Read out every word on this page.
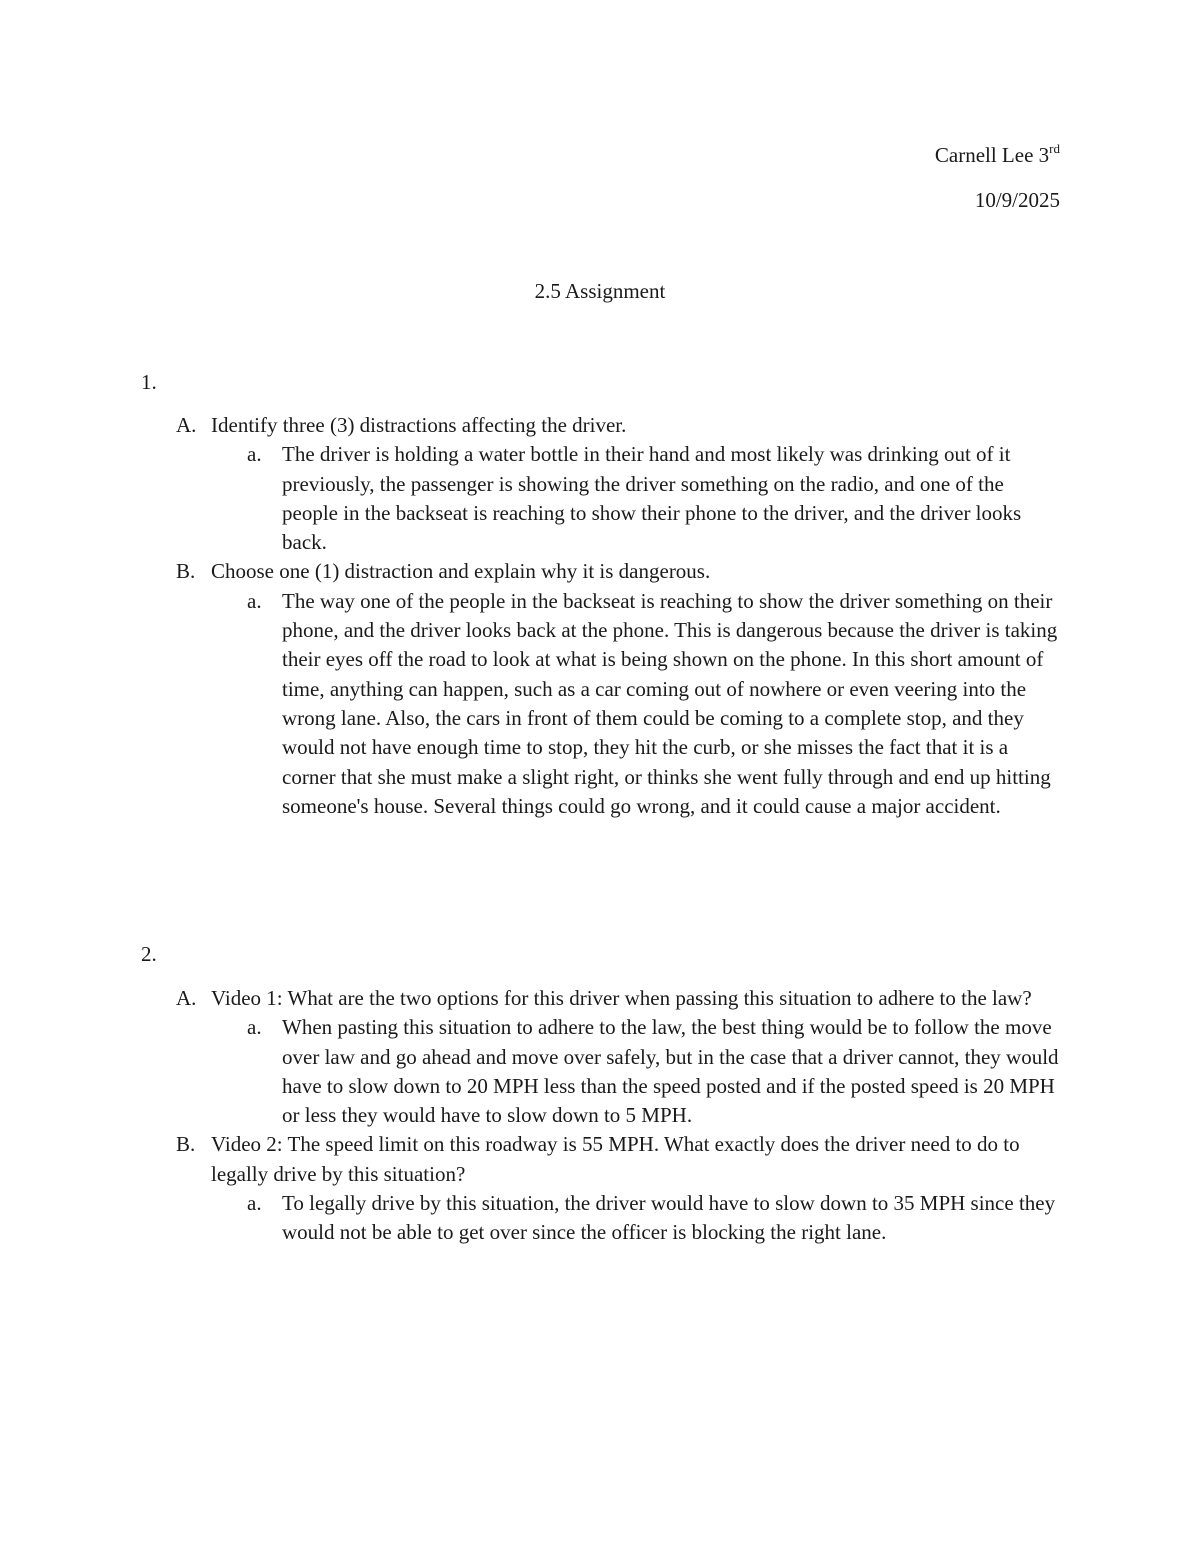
Carnell Lee 3rd
10/9/2025
2.5 Assignment
1.
A. Identify three (3) distractions affecting the driver.
a. The driver is holding a water bottle in their hand and most likely was drinking out of it previously, the passenger is showing the driver something on the radio, and one of the people in the backseat is reaching to show their phone to the driver, and the driver looks back.
B. Choose one (1) distraction and explain why it is dangerous.
a. The way one of the people in the backseat is reaching to show the driver something on their phone, and the driver looks back at the phone. This is dangerous because the driver is taking their eyes off the road to look at what is being shown on the phone. In this short amount of time, anything can happen, such as a car coming out of nowhere or even veering into the wrong lane. Also, the cars in front of them could be coming to a complete stop, and they would not have enough time to stop, they hit the curb, or she misses the fact that it is a corner that she must make a slight right, or thinks she went fully through and end up hitting someone's house. Several things could go wrong, and it could cause a major accident.
2.
A. Video 1: What are the two options for this driver when passing this situation to adhere to the law?
a. When pasting this situation to adhere to the law, the best thing would be to follow the move over law and go ahead and move over safely, but in the case that a driver cannot, they would have to slow down to 20 MPH less than the speed posted and if the posted speed is 20 MPH or less they would have to slow down to 5 MPH.
B. Video 2: The speed limit on this roadway is 55 MPH. What exactly does the driver need to do to legally drive by this situation?
a. To legally drive by this situation, the driver would have to slow down to 35 MPH since they would not be able to get over since the officer is blocking the right lane.
